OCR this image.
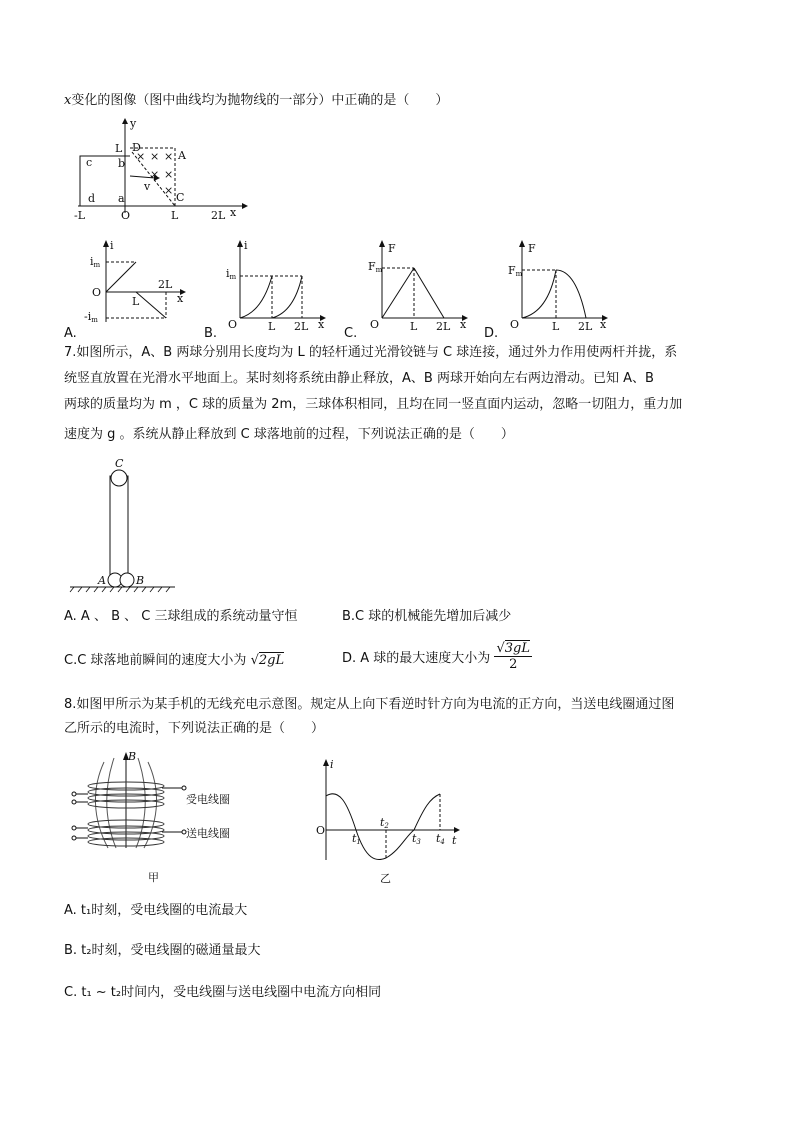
x变化的图像（图中曲线均为抛物线的一部分）中正确的是（　　）
× × ×
× ×
×
y
L D
c b
A
v
C
d a
-L	O	L	2L x
A.
i
im
O
L
2L
x
-im
B.
i
im
O	L 2L x
C.
F
Fm
O	L 2L x
D.
F
Fm
O	L 2L x
7.如图所示，A、B 两球分别用长度均为 L 的轻杆通过光滑铰链与 C 球连接，通过外力作用使两杆并拢，系
统竖直放置在光滑水平地面上。某时刻将系统由静止释放，A、B 两球开始向左右两边滑动。已知 A、B
两球的质量均为 m ，C 球的质量为 2m，三球体积相同，且均在同一竖直面内运动，忽略一切阻力，重力加
速度为 g 。系统从静止释放到 C 球落地前的过程，下列说法正确的是（　　）
C
A	B
A. A 、 B 、 C 三球组成的系统动量守恒	B.C 球的机械能先增加后减少
C.C 球落地前瞬间的速度大小为 √2gL	D. A 球的最大速度大小为 $\frac{√3gL}{2}$
8.如图甲所示为某手机的无线充电示意图。规定从上向下看逆时针方向为电流的正方向，当送电线圈通过图
乙所示的电流时，下列说法正确的是（　　）
B
受电线圈
送电线圈
甲
i
O
t
t1
t2
t3 t4
乙
A. t₁时刻，受电线圈的电流最大
B. t₂时刻，受电线圈的磁通量最大
C. t₁ ~ t₂时间内，受电线圈与送电线圈中电流方向相同
